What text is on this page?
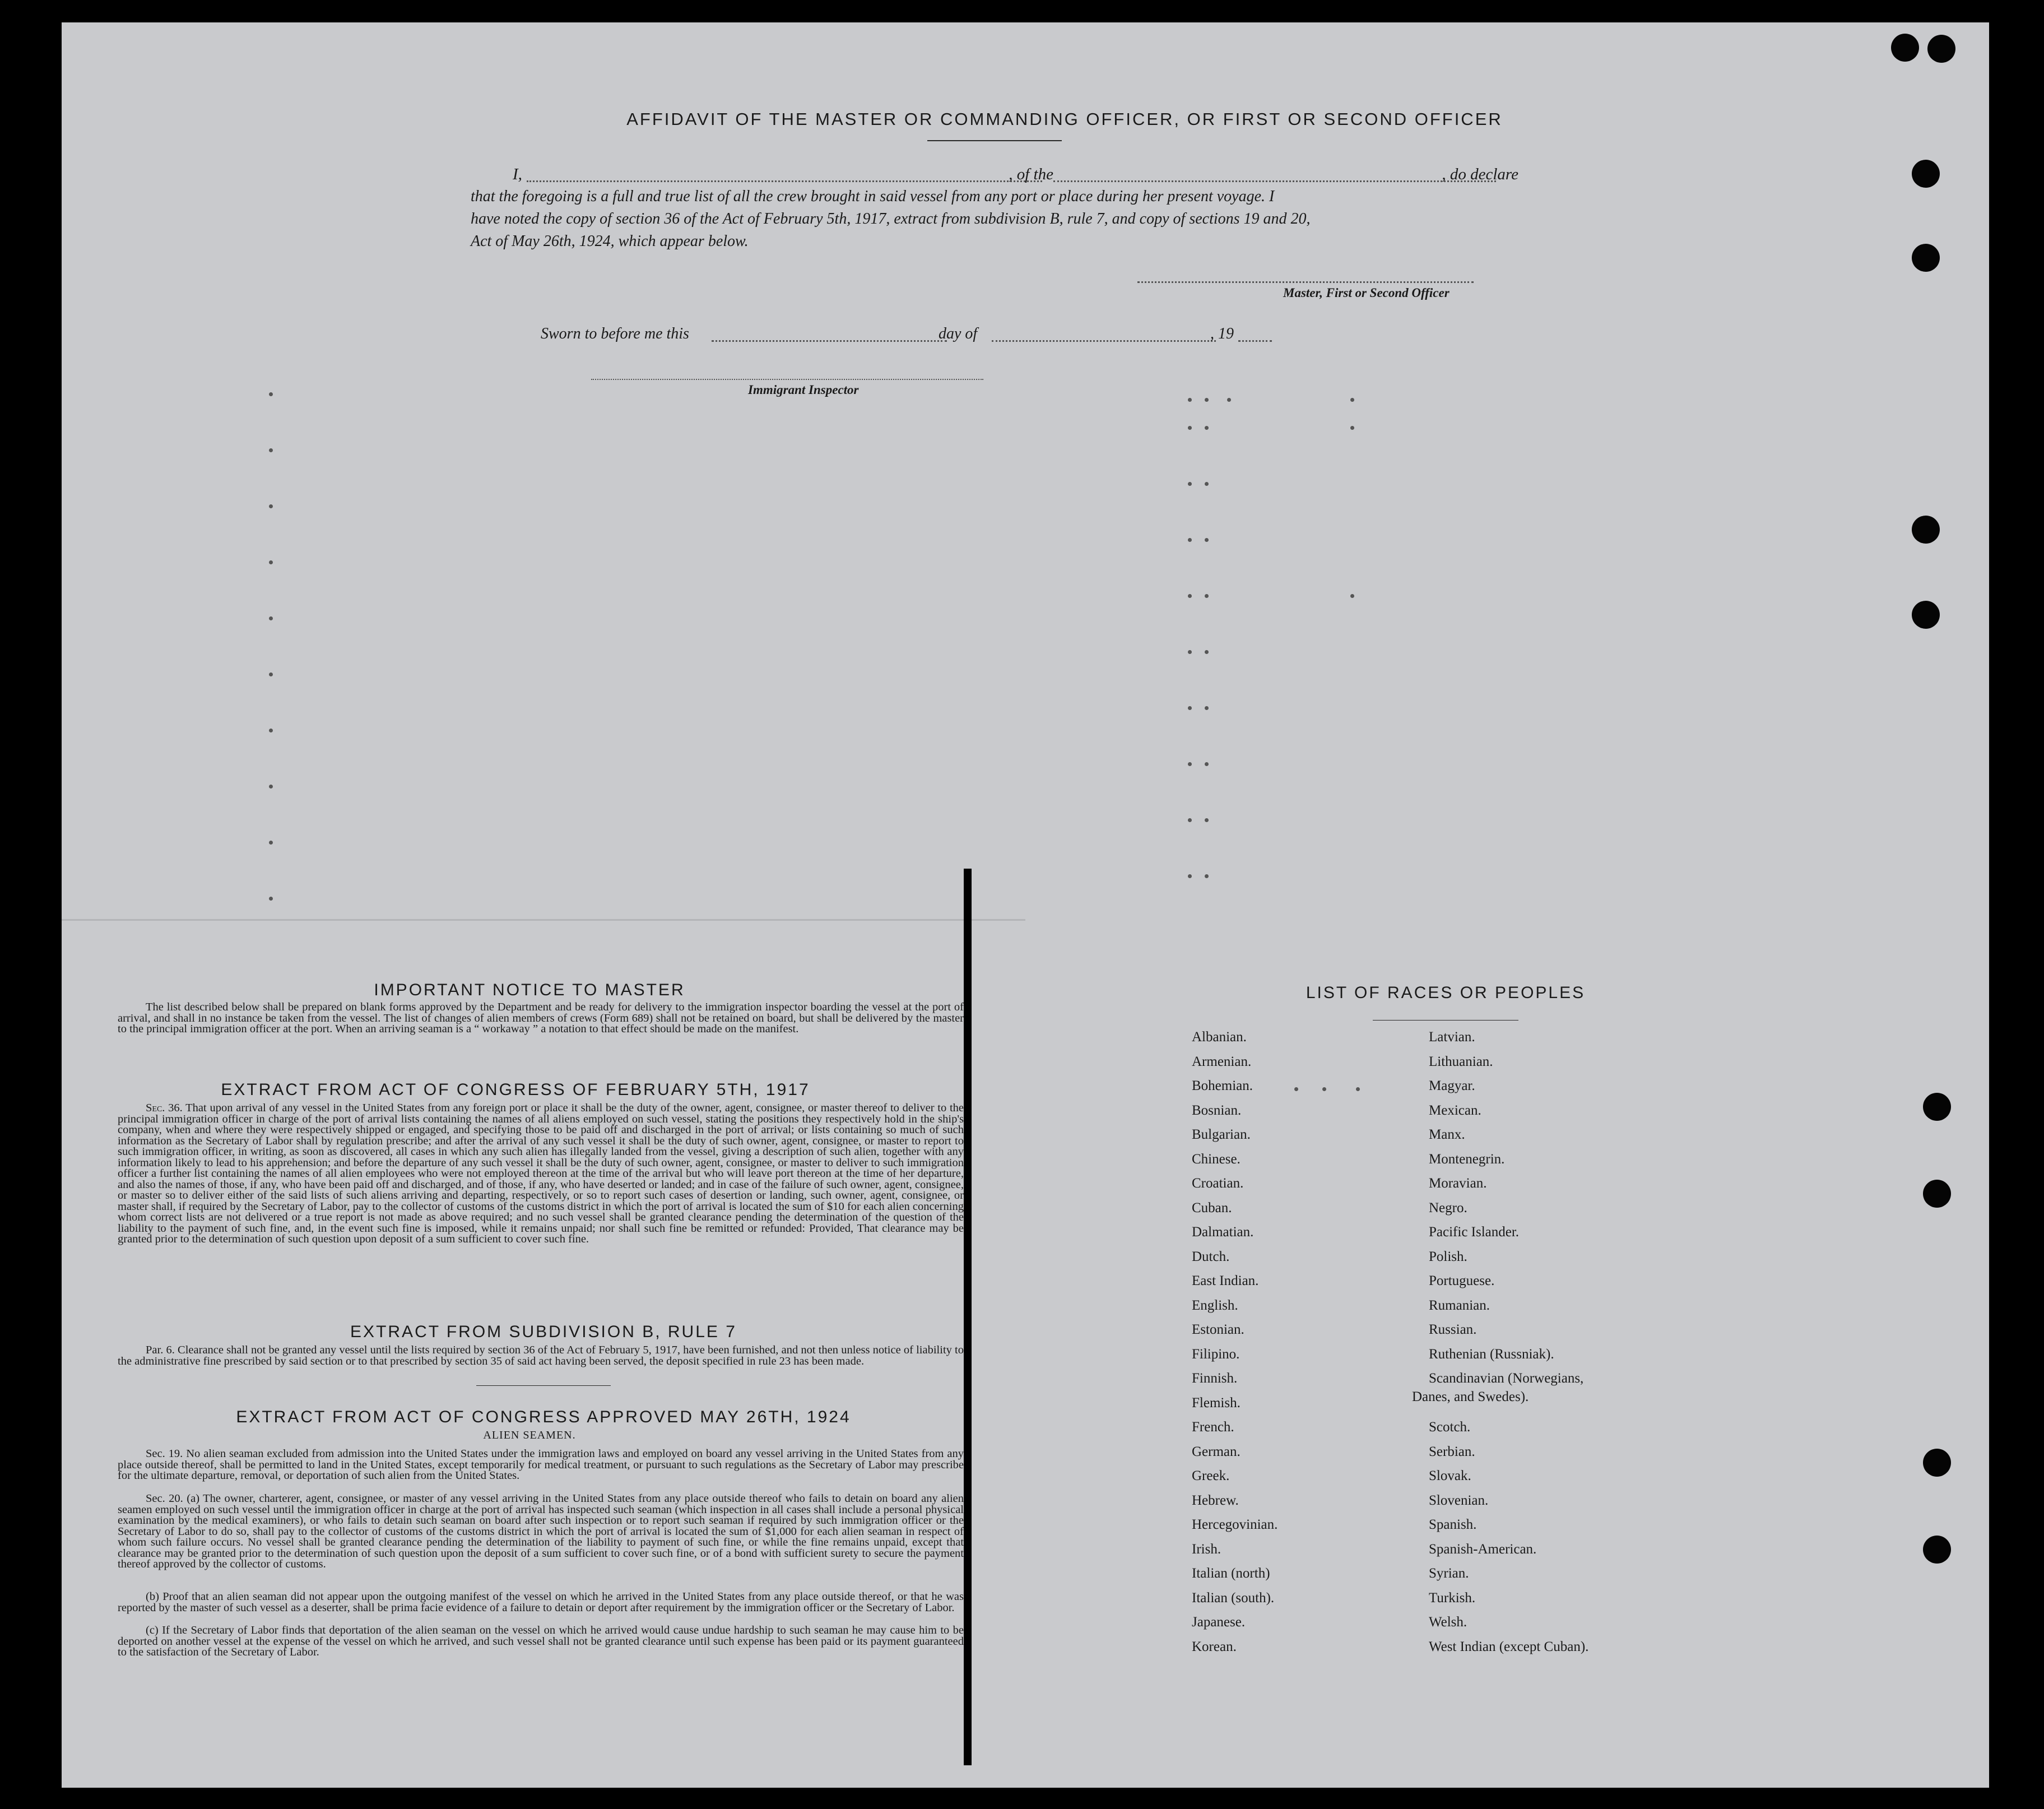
AFFIDAVIT OF THE MASTER OR COMMANDING OFFICER, OR FIRST OR SECOND OFFICER
I,	, of the	, do declare
that the foregoing is a full and true list of all the crew brought in said vessel from any port or place during her present voyage. I
have noted the copy of section 36 of the Act of February 5th, 1917, extract from subdivision B, rule 7, and copy of sections 19 and 20,
Act of May 26th, 1924, which appear below.
Master, First or Second Officer
Sworn to before me this	day of	, 19
Immigrant Inspector
IMPORTANT NOTICE TO MASTER
The list described below shall be prepared on blank forms approved by the Department and be ready for delivery to the immigration inspector boarding the vessel at the port of arrival, and shall in no instance be taken from the vessel. The list of changes of alien members of crews (Form 689) shall not be retained on board, but shall be delivered by the master to the principal immigration officer at the port. When an arriving seaman is a “ workaway ” a notation to that effect should be made on the manifest.
EXTRACT FROM ACT OF CONGRESS OF FEBRUARY 5TH, 1917
Sec. 36. That upon arrival of any vessel in the United States from any foreign port or place it shall be the duty of the owner, agent, consignee, or master thereof to deliver to the principal immigration officer in charge of the port of arrival lists containing the names of all aliens employed on such vessel, stating the positions they respectively hold in the ship's company, when and where they were respectively shipped or engaged, and specifying those to be paid off and discharged in the port of arrival; or lists containing so much of such information as the Secretary of Labor shall by regulation prescribe; and after the arrival of any such vessel it shall be the duty of such owner, agent, consignee, or master to report to such immigration officer, in writing, as soon as discovered, all cases in which any such alien has illegally landed from the vessel, giving a description of such alien, together with any information likely to lead to his apprehension; and before the departure of any such vessel it shall be the duty of such owner, agent, consignee, or master to deliver to such immigration officer a further list containing the names of all alien employees who were not employed thereon at the time of the arrival but who will leave port thereon at the time of her departure, and also the names of those, if any, who have been paid off and discharged, and of those, if any, who have deserted or landed; and in case of the failure of such owner, agent, consignee, or master so to deliver either of the said lists of such aliens arriving and departing, respectively, or so to report such cases of desertion or landing, such owner, agent, consignee, or master shall, if required by the Secretary of Labor, pay to the collector of customs of the customs district in which the port of arrival is located the sum of $10 for each alien concerning whom correct lists are not delivered or a true report is not made as above required; and no such vessel shall be granted clearance pending the determination of the question of the liability to the payment of such fine, and, in the event such fine is imposed, while it remains unpaid; nor shall such fine be remitted or refunded: Provided, That clearance may be granted prior to the determination of such question upon deposit of a sum sufficient to cover such fine.
EXTRACT FROM SUBDIVISION B, RULE 7
Par. 6. Clearance shall not be granted any vessel until the lists required by section 36 of the Act of February 5, 1917, have been furnished, and not then unless notice of liability to the administrative fine prescribed by said section or to that prescribed by section 35 of said act having been served, the deposit specified in rule 23 has been made.
EXTRACT FROM ACT OF CONGRESS APPROVED MAY 26TH, 1924
ALIEN SEAMEN.
Sec. 19. No alien seaman excluded from admission into the United States under the immigration laws and employed on board any vessel arriving in the United States from any place outside thereof, shall be permitted to land in the United States, except temporarily for medical treatment, or pursuant to such regulations as the Secretary of Labor may prescribe for the ultimate departure, removal, or deportation of such alien from the United States.
Sec. 20. (a) The owner, charterer, agent, consignee, or master of any vessel arriving in the United States from any place outside thereof who fails to detain on board any alien seamen employed on such vessel until the immigration officer in charge at the port of arrival has inspected such seaman (which inspection in all cases shall include a personal physical examination by the medical examiners), or who fails to detain such seaman on board after such inspection or to report such seaman if required by such immigration officer or the Secretary of Labor to do so, shall pay to the collector of customs of the customs district in which the port of arrival is located the sum of $1,000 for each alien seaman in respect of whom such failure occurs. No vessel shall be granted clearance pending the determination of the liability to payment of such fine, or while the fine remains unpaid, except that clearance may be granted prior to the determination of such question upon the deposit of a sum sufficient to cover such fine, or of a bond with sufficient surety to secure the payment thereof approved by the collector of customs.
(b) Proof that an alien seaman did not appear upon the outgoing manifest of the vessel on which he arrived in the United States from any place outside thereof, or that he was reported by the master of such vessel as a deserter, shall be prima facie evidence of a failure to detain or deport after requirement by the immigration officer or the Secretary of Labor.
(c) If the Secretary of Labor finds that deportation of the alien seaman on the vessel on which he arrived would cause undue hardship to such seaman he may cause him to be deported on another vessel at the expense of the vessel on which he arrived, and such vessel shall not be granted clearance until such expense has been paid or its payment guaranteed to the satisfaction of the Secretary of Labor.
LIST OF RACES OR PEOPLES
Albanian.
Armenian.
Bohemian.
Bosnian.
Bulgarian.
Chinese.
Croatian.
Cuban.
Dalmatian.
Dutch.
East Indian.
English.
Estonian.
Filipino.
Finnish.
Flemish.
French.
German.
Greek.
Hebrew.
Hercegovinian.
Irish.
Italian (north)
Italian (south).
Japanese.
Korean.
Latvian.
Lithuanian.
Magyar.
Mexican.
Manx.
Montenegrin.
Moravian.
Negro.
Pacific Islander.
Polish.
Portuguese.
Rumanian.
Russian.
Ruthenian (Russniak).
Scandinavian (Norwegians,
Danes, and Swedes).
Scotch.
Serbian.
Slovak.
Slovenian.
Spanish.
Spanish-American.
Syrian.
Turkish.
Welsh.
West Indian (except Cuban).
